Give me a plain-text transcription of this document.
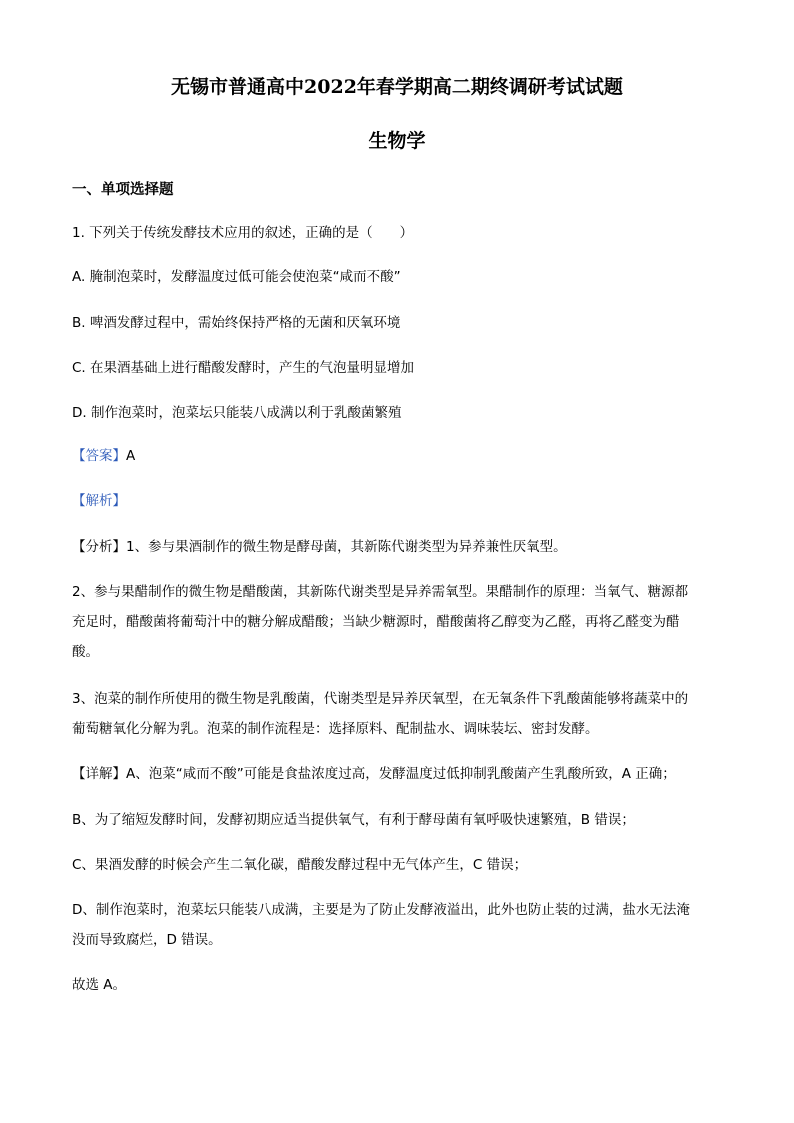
无锡市普通高中2022年春学期高二期终调研考试试题
生物学
一、单项选择题
1. 下列关于传统发酵技术应用的叙述，正确的是（　　）
A. 腌制泡菜时，发酵温度过低可能会使泡菜“咸而不酸”
B. 啤酒发酵过程中，需始终保持严格的无菌和厌氧环境
C. 在果酒基础上进行醋酸发酵时，产生的气泡量明显增加
D. 制作泡菜时，泡菜坛只能装八成满以利于乳酸菌繁殖
【答案】A
【解析】
【分析】1、参与果酒制作的微生物是酵母菌，其新陈代谢类型为异养兼性厌氧型。
2、参与果醋制作的微生物是醋酸菌，其新陈代谢类型是异养需氧型。果醋制作的原理：当氧气、糖源都
充足时，醋酸菌将葡萄汁中的糖分解成醋酸；当缺少糖源时，醋酸菌将乙醇变为乙醛，再将乙醛变为醋
酸。
3、泡菜的制作所使用的微生物是乳酸菌，代谢类型是异养厌氧型，在无氧条件下乳酸菌能够将蔬菜中的
葡萄糖氧化分解为乳。泡菜的制作流程是：选择原料、配制盐水、调味装坛、密封发酵。
【详解】A、泡菜“咸而不酸”可能是食盐浓度过高，发酵温度过低抑制乳酸菌产生乳酸所致，A 正确；
B、为了缩短发酵时间，发酵初期应适当提供氧气，有利于酵母菌有氧呼吸快速繁殖，B 错误；
C、果酒发酵的时候会产生二氧化碳，醋酸发酵过程中无气体产生，C 错误；
D、制作泡菜时，泡菜坛只能装八成满，主要是为了防止发酵液溢出，此外也防止装的过满，盐水无法淹
没而导致腐烂，D 错误。
故选 A。
